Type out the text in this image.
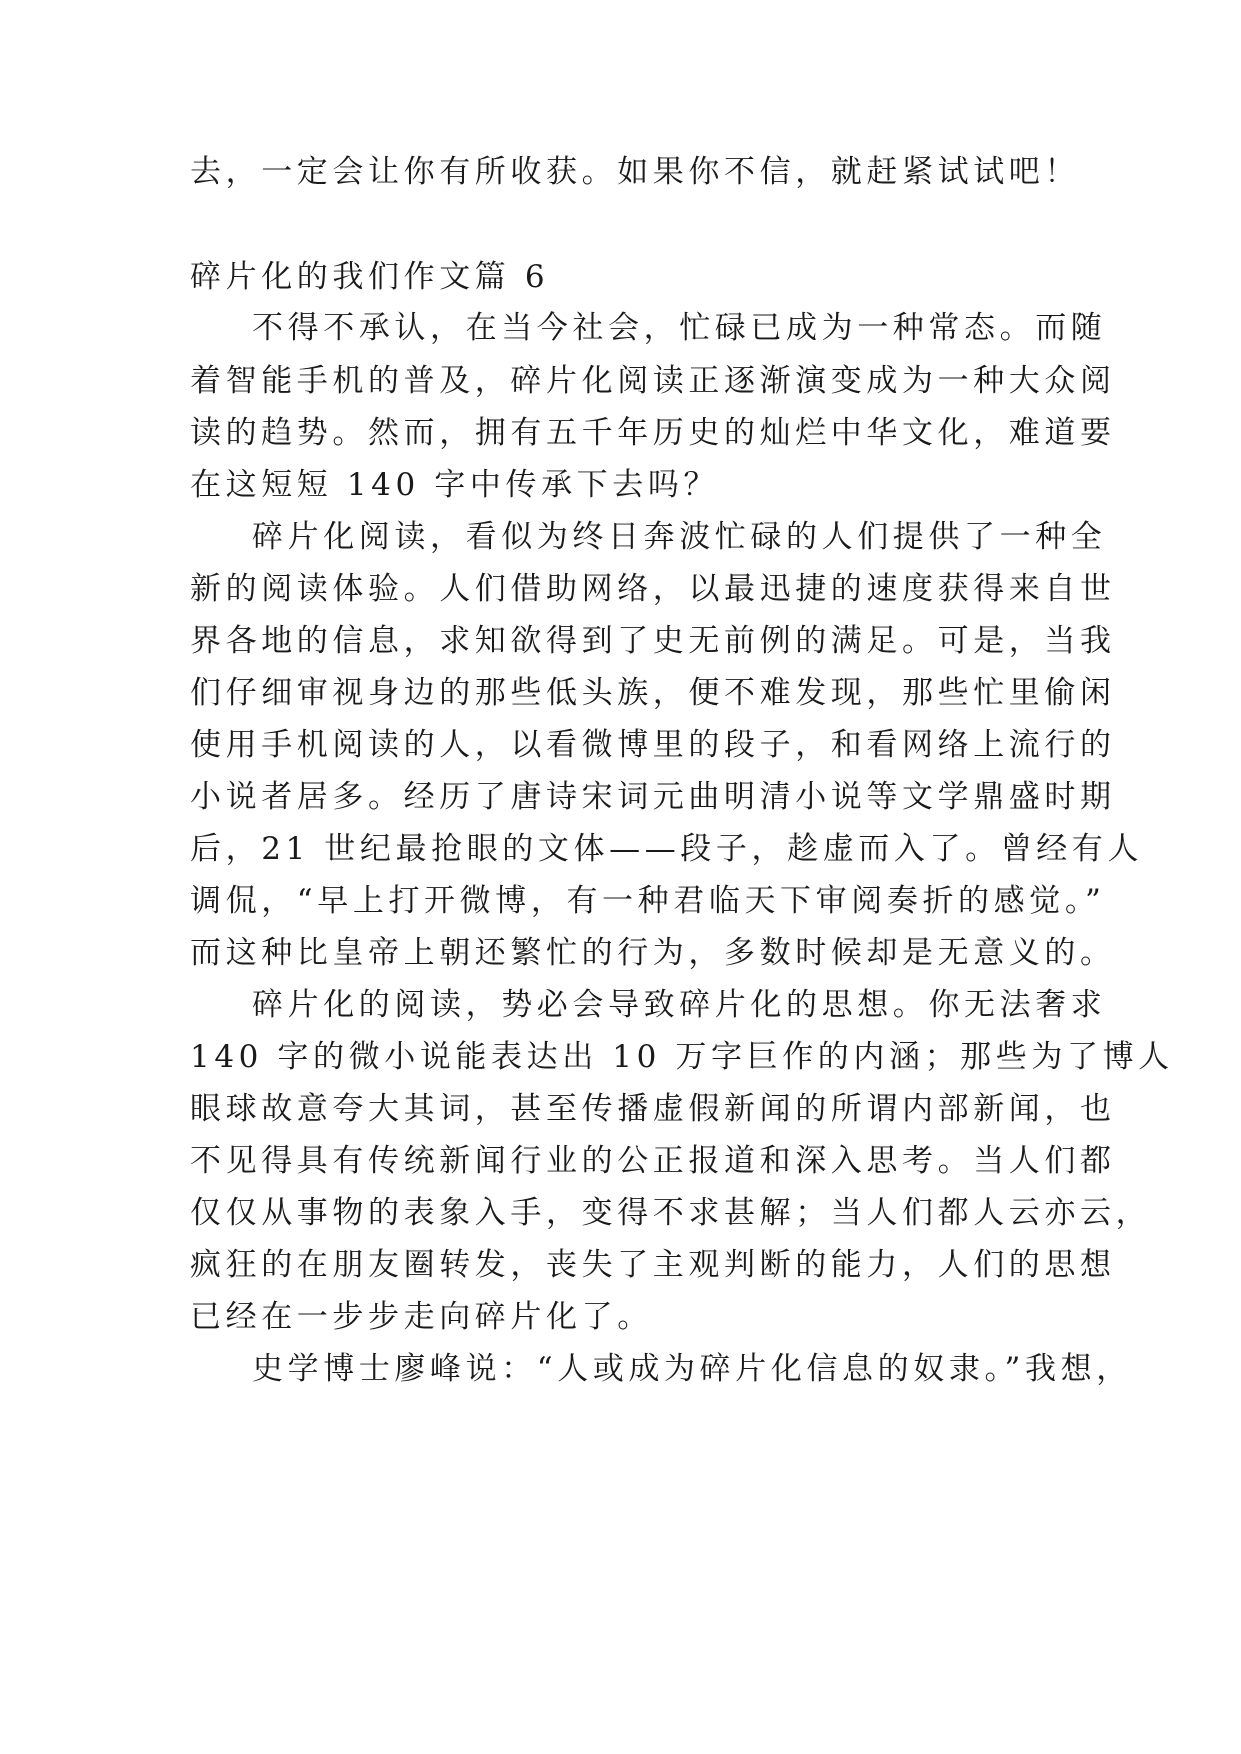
去，一定会让你有所收获。如果你不信，就赶紧试试吧！
碎片化的我们作文篇 6
不得不承认，在当今社会，忙碌已成为一种常态。而随
着智能手机的普及，碎片化阅读正逐渐演变成为一种大众阅
读的趋势。然而，拥有五千年历史的灿烂中华文化，难道要
在这短短 140 字中传承下去吗？
碎片化阅读，看似为终日奔波忙碌的人们提供了一种全
新的阅读体验。人们借助网络，以最迅捷的速度获得来自世
界各地的信息，求知欲得到了史无前例的满足。可是，当我
们仔细审视身边的那些低头族，便不难发现，那些忙里偷闲
使用手机阅读的人，以看微博里的段子，和看网络上流行的
小说者居多。经历了唐诗宋词元曲明清小说等文学鼎盛时期
后，21 世纪最抢眼的文体——段子，趁虚而入了。曾经有人
调侃，“早上打开微博，有一种君临天下审阅奏折的感觉。”
而这种比皇帝上朝还繁忙的行为，多数时候却是无意义的。
碎片化的阅读，势必会导致碎片化的思想。你无法奢求
140 字的微小说能表达出 10 万字巨作的内涵；那些为了博人
眼球故意夸大其词，甚至传播虚假新闻的所谓内部新闻，也
不见得具有传统新闻行业的公正报道和深入思考。当人们都
仅仅从事物的表象入手，变得不求甚解；当人们都人云亦云，
疯狂的在朋友圈转发，丧失了主观判断的能力，人们的思想
已经在一步步走向碎片化了。
史学博士廖峰说：“人或成为碎片化信息的奴隶。”我想，
